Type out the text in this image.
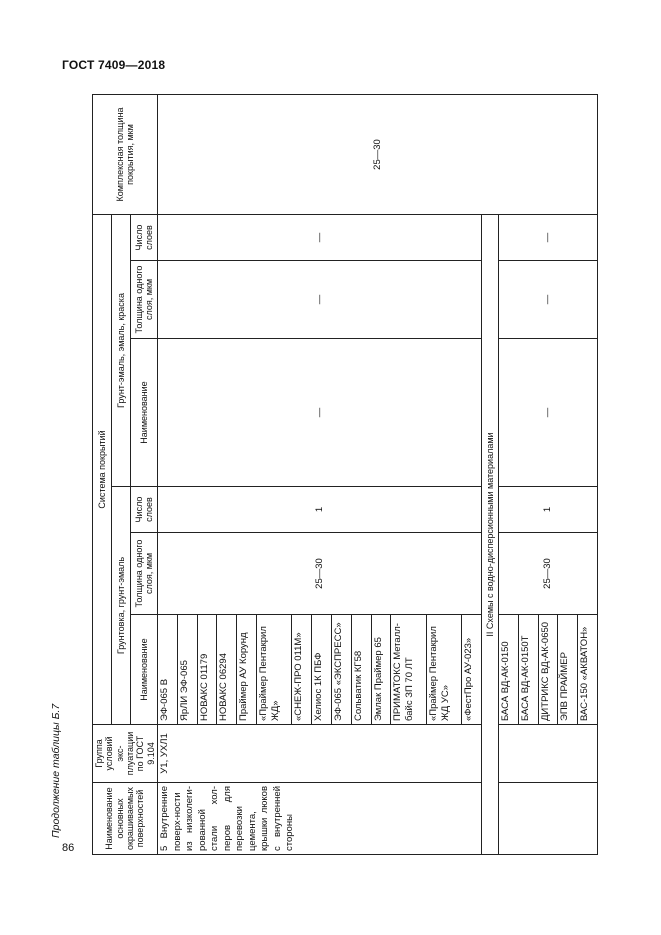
ГОСТ 7409—2018
Продолжение таблицы Б.7
86	Наименование основных окрашиваемых поверхностей	Группа условий экс-плуатации по ГОСТ 9.104	Система покрытий						Комплексная толщина покрытия, мкм
		Грунтовка, грунт-эмаль			Грунт-эмаль, эмаль, краска			
		Наименование	Толщина одного слоя, мкм	Число слоев	Наименование	Толщина одного слоя, мкм	Число слоев	
5 Внутренние поверх-ности из низколеги-рованной стали хол-перов для перевозки цемента, крышки люков с внутренней стороны	У1, УХЛ1	ЭФ-065 В	25—30	1	—	—	—	25—30
		ЯрЛИ ЭФ-065						
		НОВАКС 01179						
		НОВАКС 06294						
		Праймер АУ Корунд						
		«Праймер Пентакрил ЖД»						
		«СНЕЖ-ПРО 011М»						
		Хелиос 1К ПБФ						
		ЭФ-065 «ЭКСПРЕСС»						
		Сольватик КГ58						
		Эмлак Праймер 65						
		ПРИМАТОКС Металл-байс ЗП 70 ЛТ						
		«Праймер Пентакрил ЖД УС»						
		«ФестПро АУ-023»						
II Схемы с водно-дисперсионными материалами								
		БАСА ВД-АК-0150	25—30	1	—	—	—	
		БАСА ВД-АК-0150Т						
		ДИТРИКС ВД-АК-0650						
		ЭПВ ПРАЙМЕР						
		ВАС-150 «АКВАТОН»						
